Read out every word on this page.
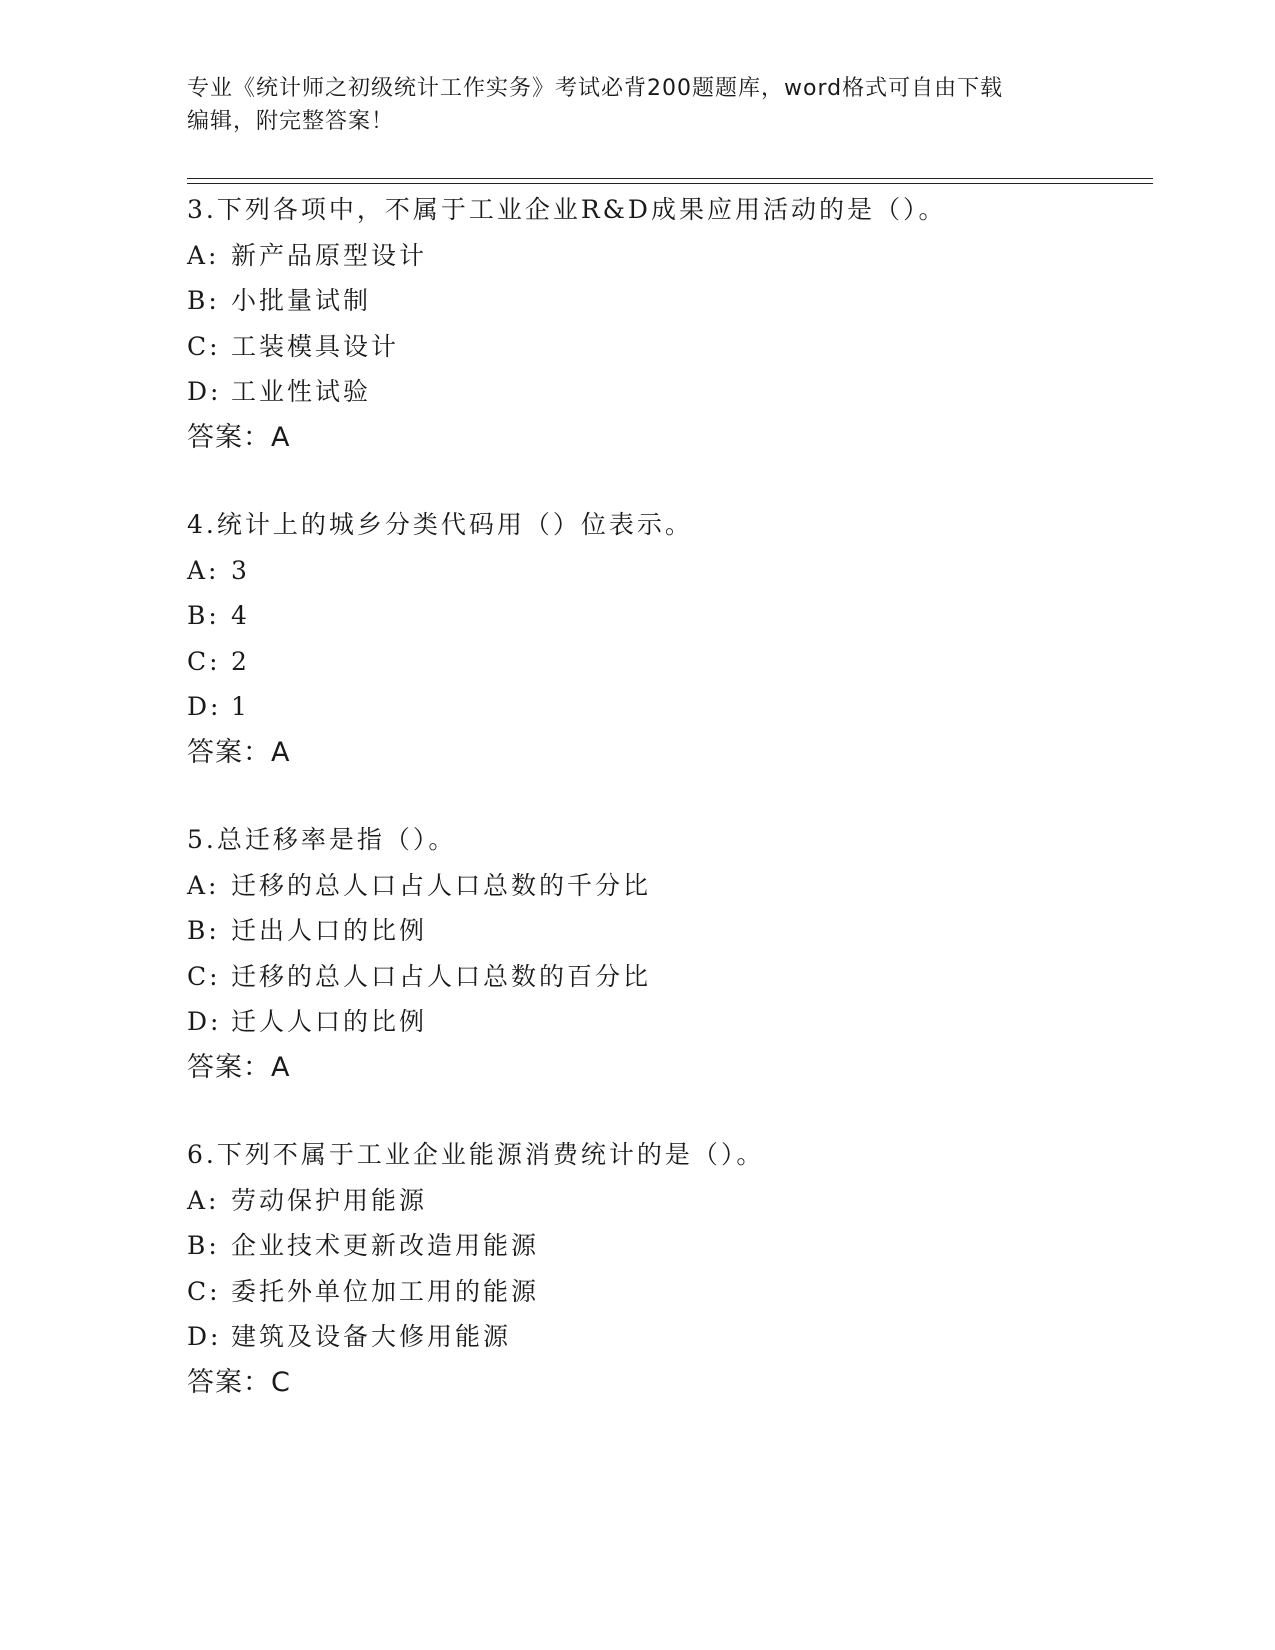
专业《统计师之初级统计工作实务》考试必背200题题库，word格式可自由下载
编辑，附完整答案！
3.下列各项中，不属于工业企业R&D成果应用活动的是（）。
A: 新产品原型设计
B: 小批量试制
C: 工装模具设计
D: 工业性试验
答案：A
4.统计上的城乡分类代码用（）位表示。
A: 3
B: 4
C: 2
D: 1
答案：A
5.总迁移率是指（）。
A: 迁移的总人口占人口总数的千分比
B: 迁出人口的比例
C: 迁移的总人口占人口总数的百分比
D: 迁人人口的比例
答案：A
6.下列不属于工业企业能源消费统计的是（）。
A: 劳动保护用能源
B: 企业技术更新改造用能源
C: 委托外单位加工用的能源
D: 建筑及设备大修用能源
答案：C
